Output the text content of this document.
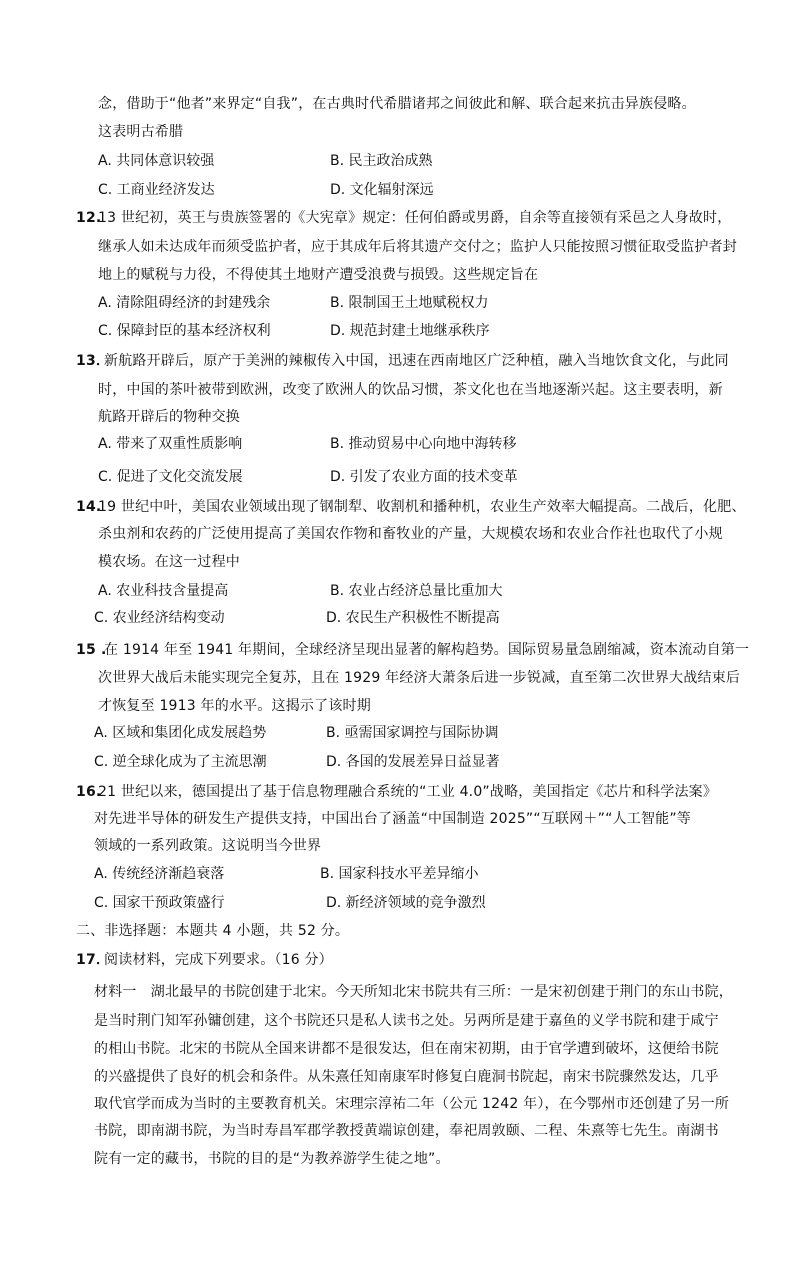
念，借助于“他者”来界定“自我”，在古典时代希腊诸邦之间彼此和解、联合起来抗击异族侵略。
这表明古希腊
A. 共同体意识较强	B. 民主政治成熟
C. 工商业经济发达	D. 文化辐射深远
12.
13 世纪初，英王与贵族签署的《大宪章》规定：任何伯爵或男爵，自余等直接领有采邑之人身故时，
继承人如未达成年而须受监护者，应于其成年后将其遗产交付之；监护人只能按照习惯征取受监护者封
地上的赋税与力役，不得使其土地财产遭受浪费与损毁。这些规定旨在
A. 清除阻碍经济的封建残余	B. 限制国王土地赋税权力
C. 保障封臣的基本经济权利	D. 规范封建土地继承秩序
13．
新航路开辟后，原产于美洲的辣椒传入中国，迅速在西南地区广泛种植，融入当地饮食文化，与此同
时，中国的茶叶被带到欧洲，改变了欧洲人的饮品习惯，茶文化也在当地逐渐兴起。这主要表明，新
航路开辟后的物种交换
A. 带来了双重性质影响	B. 推动贸易中心向地中海转移
C. 促进了文化交流发展	D. 引发了农业方面的技术变革
14.
19 世纪中叶，美国农业领域出现了钢制犁、收割机和播种机，农业生产效率大幅提高。二战后，化肥、
杀虫剂和农药的广泛使用提高了美国农作物和畜牧业的产量，大规模农场和农业合作社也取代了小规
模农场。在这一过程中
A. 农业科技含量提高	B. 农业占经济总量比重加大
C. 农业经济结构变动	D. 农民生产积极性不断提高
15 .
在 1914 年至 1941 年期间，全球经济呈现出显著的解构趋势。国际贸易量急剧缩减，资本流动自第一
次世界大战后未能实现完全复苏，且在 1929 年经济大萧条后进一步锐减，直至第二次世界大战结束后
才恢复至 1913 年的水平。这揭示了该时期
A. 区域和集团化成发展趋势	B. 亟需国家调控与国际协调
C. 逆全球化成为了主流思潮	D. 各国的发展差异日益显著
16.
21 世纪以来，德国提出了基于信息物理融合系统的“工业 4.0”战略，美国指定《芯片和科学法案》
对先进半导体的研发生产提供支持，中国出台了涵盖“中国制造 2025”“互联网＋”“人工智能”等
领域的一系列政策。这说明当今世界
A. 传统经济渐趋衰落	B. 国家科技水平差异缩小
C. 国家干预政策盛行	D. 新经济领域的竞争激烈
二、非选择题：本题共 4 小题，共 52 分。
17．
阅读材料，完成下列要求。（16 分）
材料一　湖北最早的书院创建于北宋。今天所知北宋书院共有三所：一是宋初创建于荆门的东山书院，
是当时荆门知军孙镛创建，这个书院还只是私人读书之处。另两所是建于嘉鱼的义学书院和建于咸宁
的相山书院。北宋的书院从全国来讲都不是很发达，但在南宋初期，由于官学遭到破坏，这便给书院
的兴盛提供了良好的机会和条件。从朱熹任知南康军时修复白鹿洞书院起，南宋书院骤然发达，几乎
取代官学而成为当时的主要教育机关。宋理宗淳祐二年（公元 1242 年），在今鄂州市还创建了另一所
书院，即南湖书院，为当时寿昌军郡学教授黄端谅创建，奉祀周敦颐、二程、朱熹等七先生。南湖书
院有一定的藏书，书院的目的是“为教养游学生徒之地”。
